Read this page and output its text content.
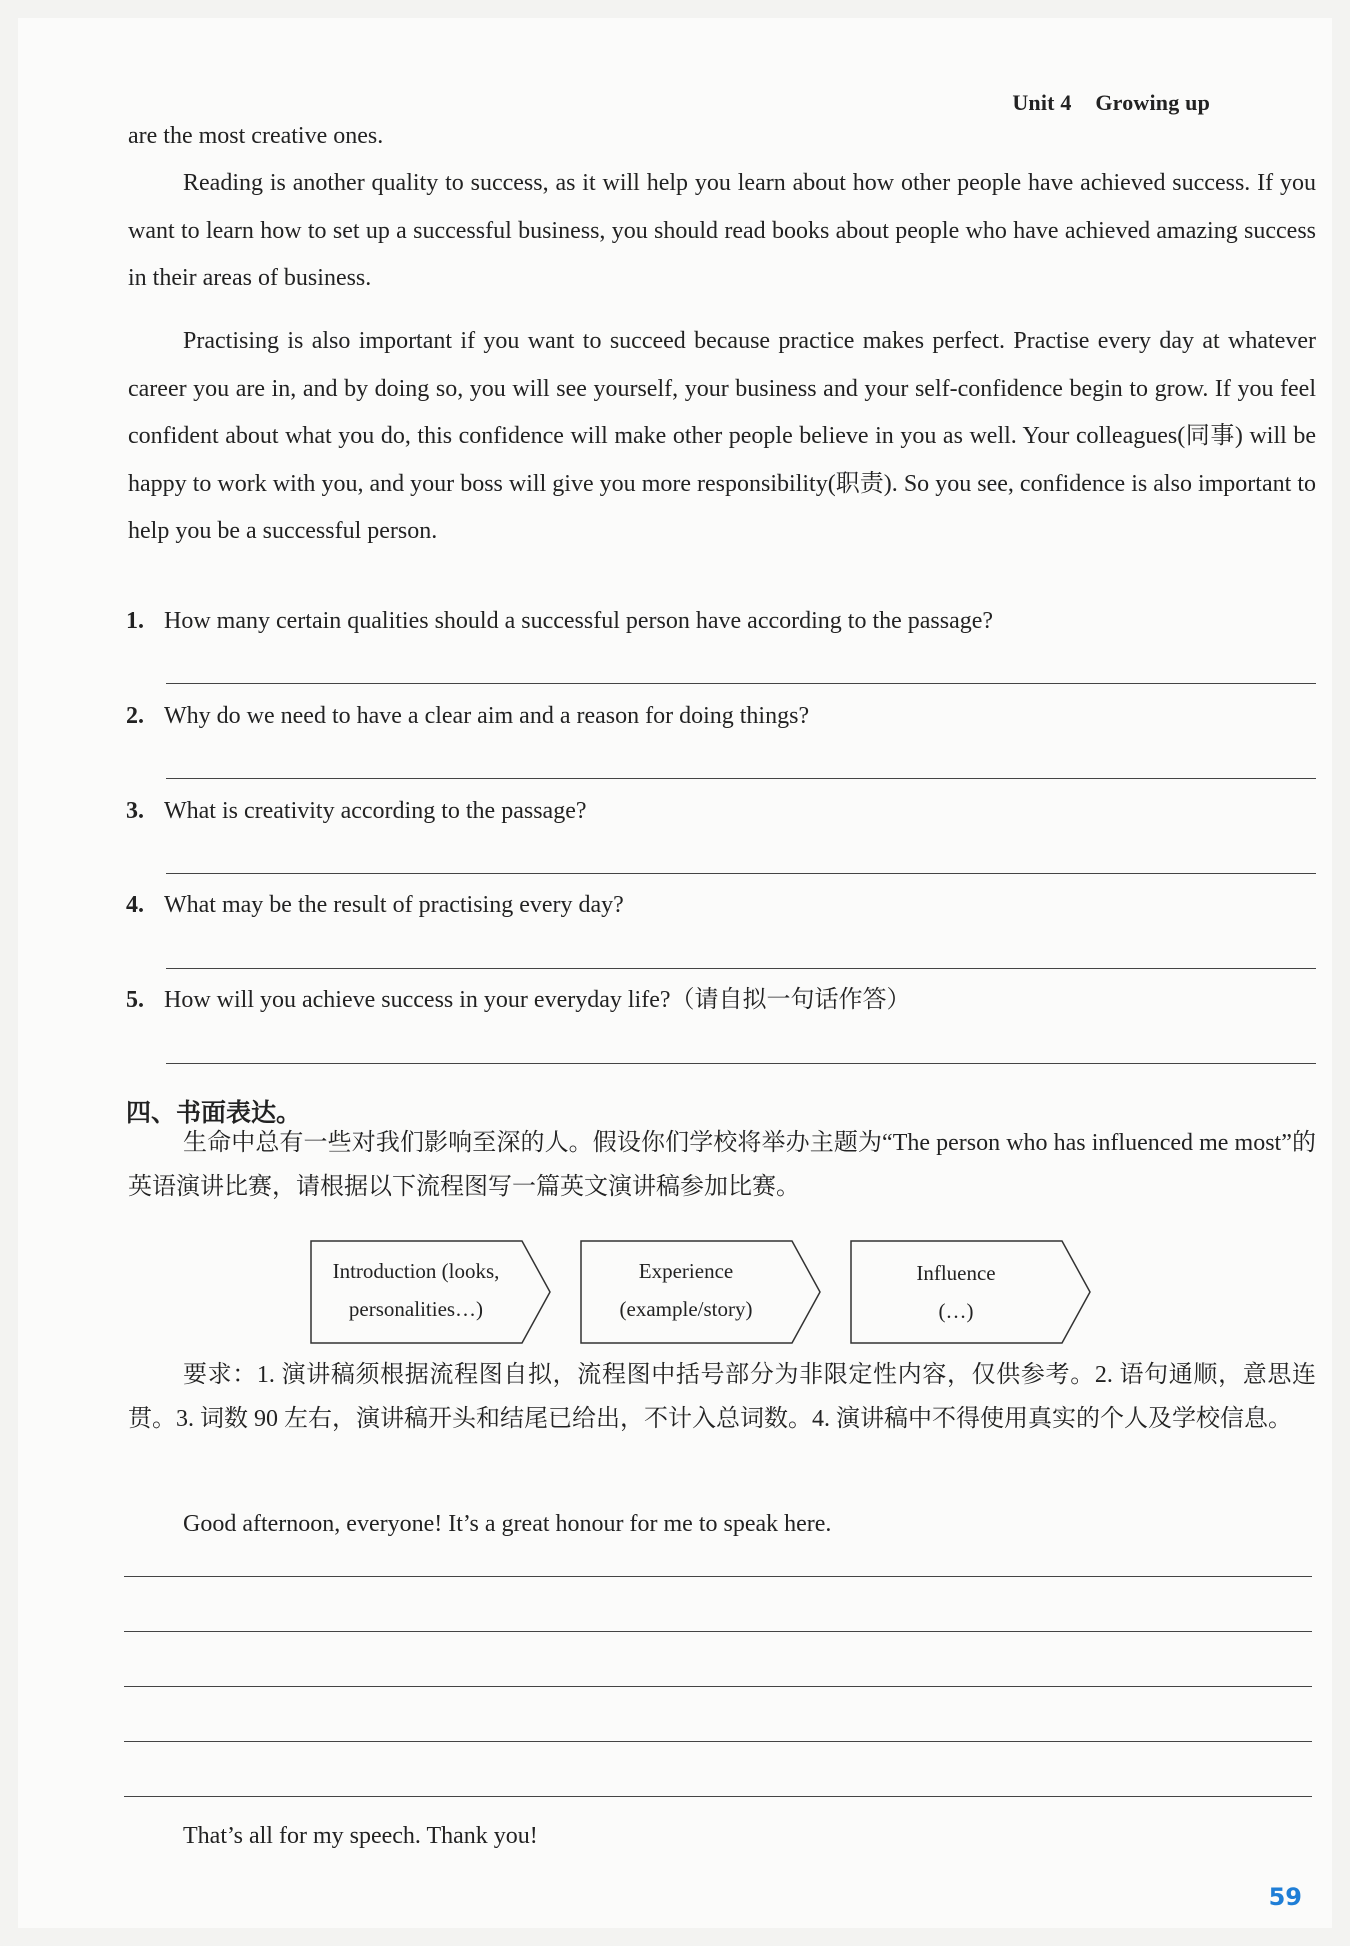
Unit 4 Growing up
are the most creative ones.
Reading is another quality to success, as it will help you learn about how other people have achieved success. If you want to learn how to set up a successful business, you should read books about people who have achieved amazing success in their areas of business.
Practising is also important if you want to succeed because practice makes perfect. Practise every day at whatever career you are in, and by doing so, you will see yourself, your business and your self-confidence begin to grow. If you feel confident about what you do, this confidence will make other people believe in you as well. Your colleagues(同事) will be happy to work with you, and your boss will give you more responsibility(职责). So you see, confidence is also important to help you be a successful person.
1. How many certain qualities should a successful person have according to the passage?
2. Why do we need to have a clear aim and a reason for doing things?
3. What is creativity according to the passage?
4. What may be the result of practising every day?
5. How will you achieve success in your everyday life?（请自拟一句话作答）
四、书面表达。
生命中总有一些对我们影响至深的人。假设你们学校将举办主题为“The person who has influenced me most”的英语演讲比赛，请根据以下流程图写一篇英文演讲稿参加比赛。
Introduction (looks,
personalities…)
Experience
(example/story)
Influence
(…)
要求：1. 演讲稿须根据流程图自拟，流程图中括号部分为非限定性内容，仅供参考。2. 语句通顺，意思连贯。3. 词数 90 左右，演讲稿开头和结尾已给出，不计入总词数。4. 演讲稿中不得使用真实的个人及学校信息。
Good afternoon, everyone! It’s a great honour for me to speak here.
That’s all for my speech. Thank you!
59
